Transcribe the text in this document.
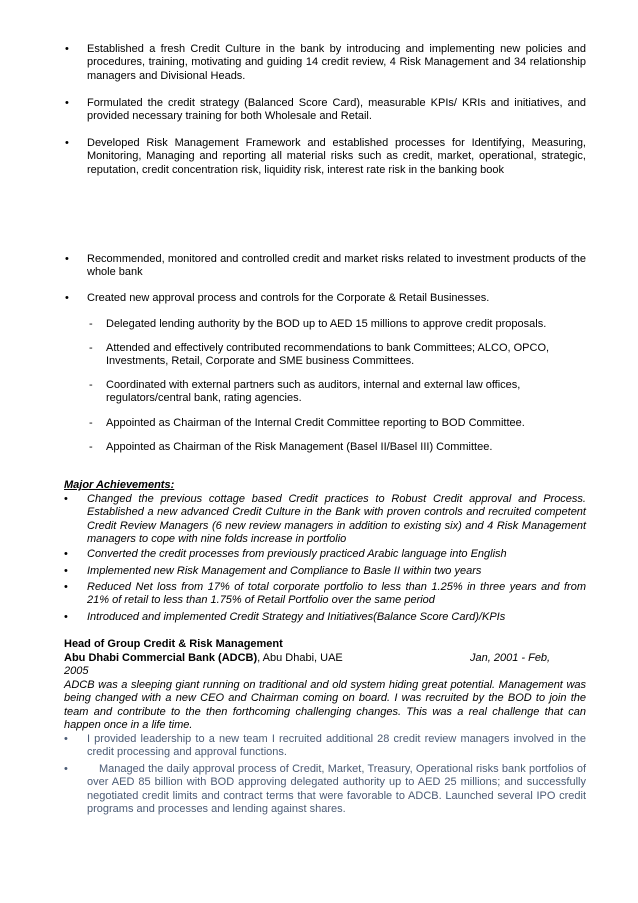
• Established a fresh Credit Culture in the bank by introducing and implementing new policies and procedures, training, motivating and guiding 14 credit review, 4 Risk Management and 34 relationship managers and Divisional Heads.
• Formulated the credit strategy (Balanced Score Card), measurable KPIs/ KRIs and initiatives, and provided necessary training for both Wholesale and Retail.
• Developed Risk Management Framework and established processes for Identifying, Measuring, Monitoring, Managing and reporting all material risks such as credit, market, operational, strategic, reputation, credit concentration risk, liquidity risk, interest rate risk in the banking book
• Recommended, monitored and controlled credit and market risks related to investment products of the whole bank
• Created new approval process and controls for the Corporate & Retail Businesses.
- Delegated lending authority by the BOD up to AED 15 millions to approve credit proposals.
- Attended and effectively contributed recommendations to bank Committees; ALCO, OPCO, Investments, Retail, Corporate and SME business Committees.
- Coordinated with external partners such as auditors, internal and external law offices, regulators/central bank, rating agencies.
- Appointed as Chairman of the Internal Credit Committee reporting to BOD Committee.
- Appointed as Chairman of the Risk Management (Basel II/Basel III) Committee.
Major Achievements:
• Changed the previous cottage based Credit practices to Robust Credit approval and Process. Established a new advanced Credit Culture in the Bank with proven controls and recruited competent Credit Review Managers (6 new review managers in addition to existing six) and 4 Risk Management managers to cope with nine folds increase in portfolio
• Converted the credit processes from previously practiced Arabic language into English
• Implemented new Risk Management and Compliance to Basle II within two years
• Reduced Net loss from 17% of total corporate portfolio to less than 1.25% in three years and from 21% of retail to less than 1.75% of Retail Portfolio over the same period
• Introduced and implemented Credit Strategy and Initiatives(Balance Score Card)/KPIs
Head of Group Credit & Risk Management
Abu Dhabi Commercial Bank (ADCB), Abu Dhabi, UAE	Jan, 2001 - Feb,
2005
ADCB was a sleeping giant running on traditional and old system hiding great potential. Management was being changed with a new CEO and Chairman coming on board. I was recruited by the BOD to join the team and contribute to the then forthcoming challenging changes. This was a real challenge that can happen once in a life time.
• I provided leadership to a new team I recruited additional 28 credit review managers involved in the credit processing and approval functions.
•	Managed the daily approval process of Credit, Market, Treasury, Operational risks bank portfolios of over AED 85 billion with BOD approving delegated authority up to AED 25 millions; and successfully negotiated credit limits and contract terms that were favorable to ADCB. Launched several IPO credit programs and processes and lending against shares.
